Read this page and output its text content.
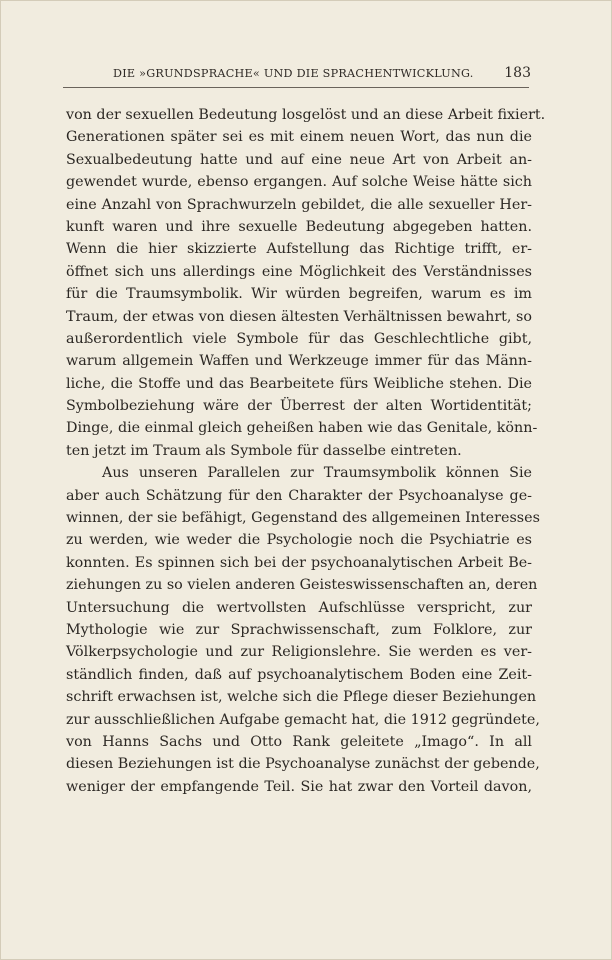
DIE »GRUNDSPRACHE« UND DIE SPRACHENTWICKLUNG. 183
von der sexuellen Bedeutung losgelöst und an diese Arbeit fixiert.
Generationen später sei es mit einem neuen Wort, das nun die
Sexualbedeutung hatte und auf eine neue Art von Arbeit an-
gewendet wurde, ebenso ergangen. Auf solche Weise hätte sich
eine Anzahl von Sprachwurzeln gebildet, die alle sexueller Her-
kunft waren und ihre sexuelle Bedeutung abgegeben hatten.
Wenn die hier skizzierte Aufstellung das Richtige trifft, er-
öffnet sich uns allerdings eine Möglichkeit des Verständnisses
für die Traumsymbolik. Wir würden begreifen, warum es im
Traum, der etwas von diesen ältesten Verhältnissen bewahrt, so
außerordentlich viele Symbole für das Geschlechtliche gibt,
warum allgemein Waffen und Werkzeuge immer für das Männ-
liche, die Stoffe und das Bearbeitete fürs Weibliche stehen. Die
Symbolbeziehung wäre der Überrest der alten Wortidentität;
Dinge, die einmal gleich geheißen haben wie das Genitale, könn-
ten jetzt im Traum als Symbole für dasselbe eintreten.
Aus unseren Parallelen zur Traumsymbolik können Sie
aber auch Schätzung für den Charakter der Psychoanalyse ge-
winnen, der sie befähigt, Gegenstand des allgemeinen Interesses
zu werden, wie weder die Psychologie noch die Psychiatrie es
konnten. Es spinnen sich bei der psychoanalytischen Arbeit Be-
ziehungen zu so vielen anderen Geisteswissenschaften an, deren
Untersuchung die wertvollsten Aufschlüsse verspricht, zur
Mythologie wie zur Sprachwissenschaft, zum Folklore, zur
Völkerpsychologie und zur Religionslehre. Sie werden es ver-
ständlich finden, daß auf psychoanalytischem Boden eine Zeit-
schrift erwachsen ist, welche sich die Pflege dieser Beziehungen
zur ausschließlichen Aufgabe gemacht hat, die 1912 gegründete,
von Hanns Sachs und Otto Rank geleitete „Imago“. In all
diesen Beziehungen ist die Psychoanalyse zunächst der gebende,
weniger der empfangende Teil. Sie hat zwar den Vorteil davon,
